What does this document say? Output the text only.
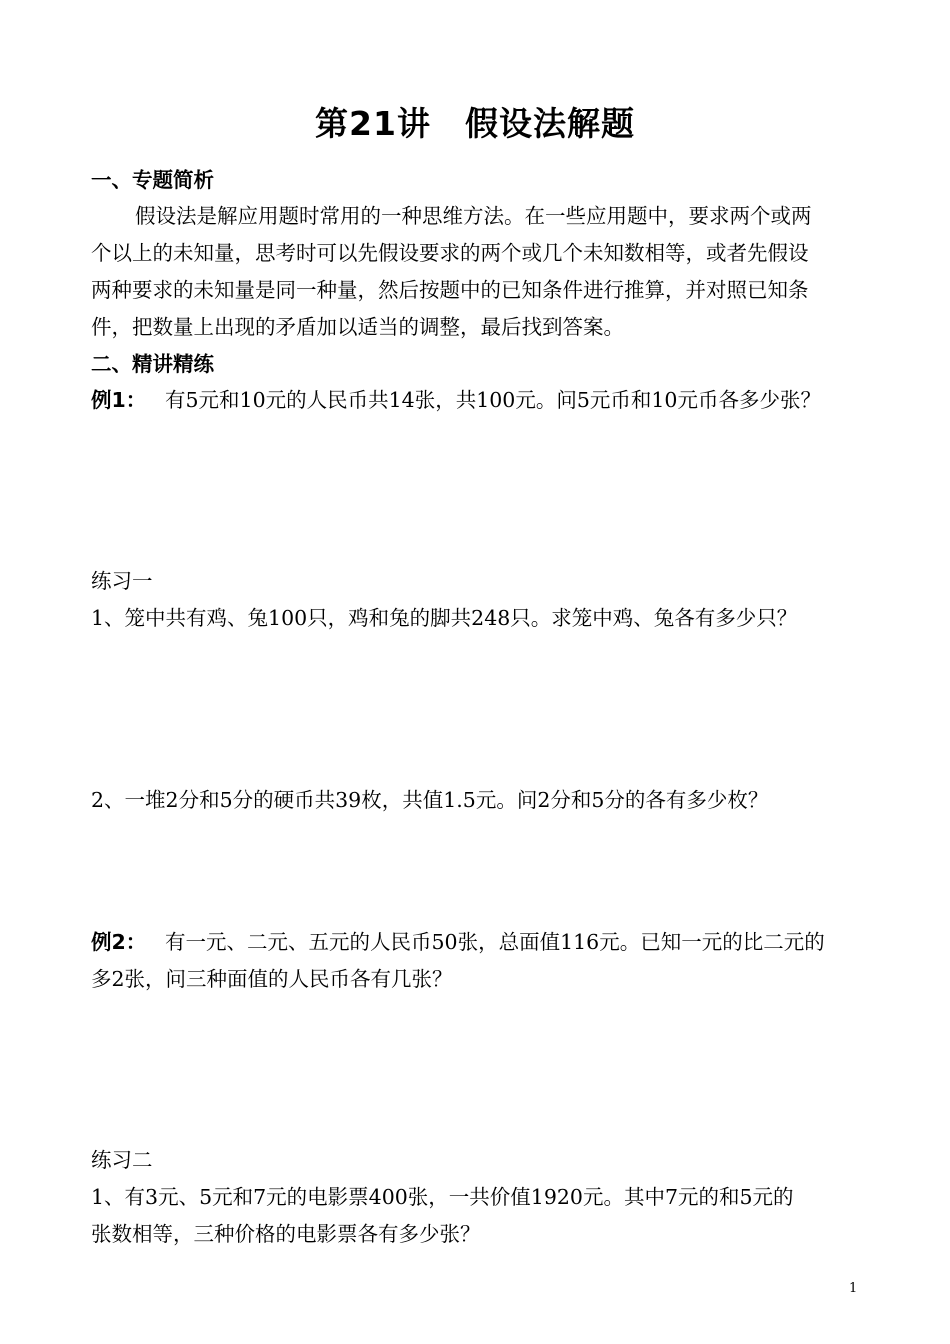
第21讲　假设法解题
一、专题简析
假设法是解应用题时常用的一种思维方法。在一些应用题中，要求两个或两
个以上的未知量，思考时可以先假设要求的两个或几个未知数相等，或者先假设
两种要求的未知量是同一种量，然后按题中的已知条件进行推算，并对照已知条
件，把数量上出现的矛盾加以适当的调整，最后找到答案。
二、精讲精练
例1： 有5元和10元的人民币共14张，共100元。问5元币和10元币各多少张？
练习一
1、笼中共有鸡、兔100只，鸡和兔的脚共248只。求笼中鸡、兔各有多少只？
2、一堆2分和5分的硬币共39枚，共值1.5元。问2分和5分的各有多少枚？
例2： 有一元、二元、五元的人民币50张，总面值116元。已知一元的比二元的
多2张，问三种面值的人民币各有几张？
练习二
1、有3元、5元和7元的电影票400张，一共价值1920元。其中7元的和5元的
张数相等，三种价格的电影票各有多少张？
1
